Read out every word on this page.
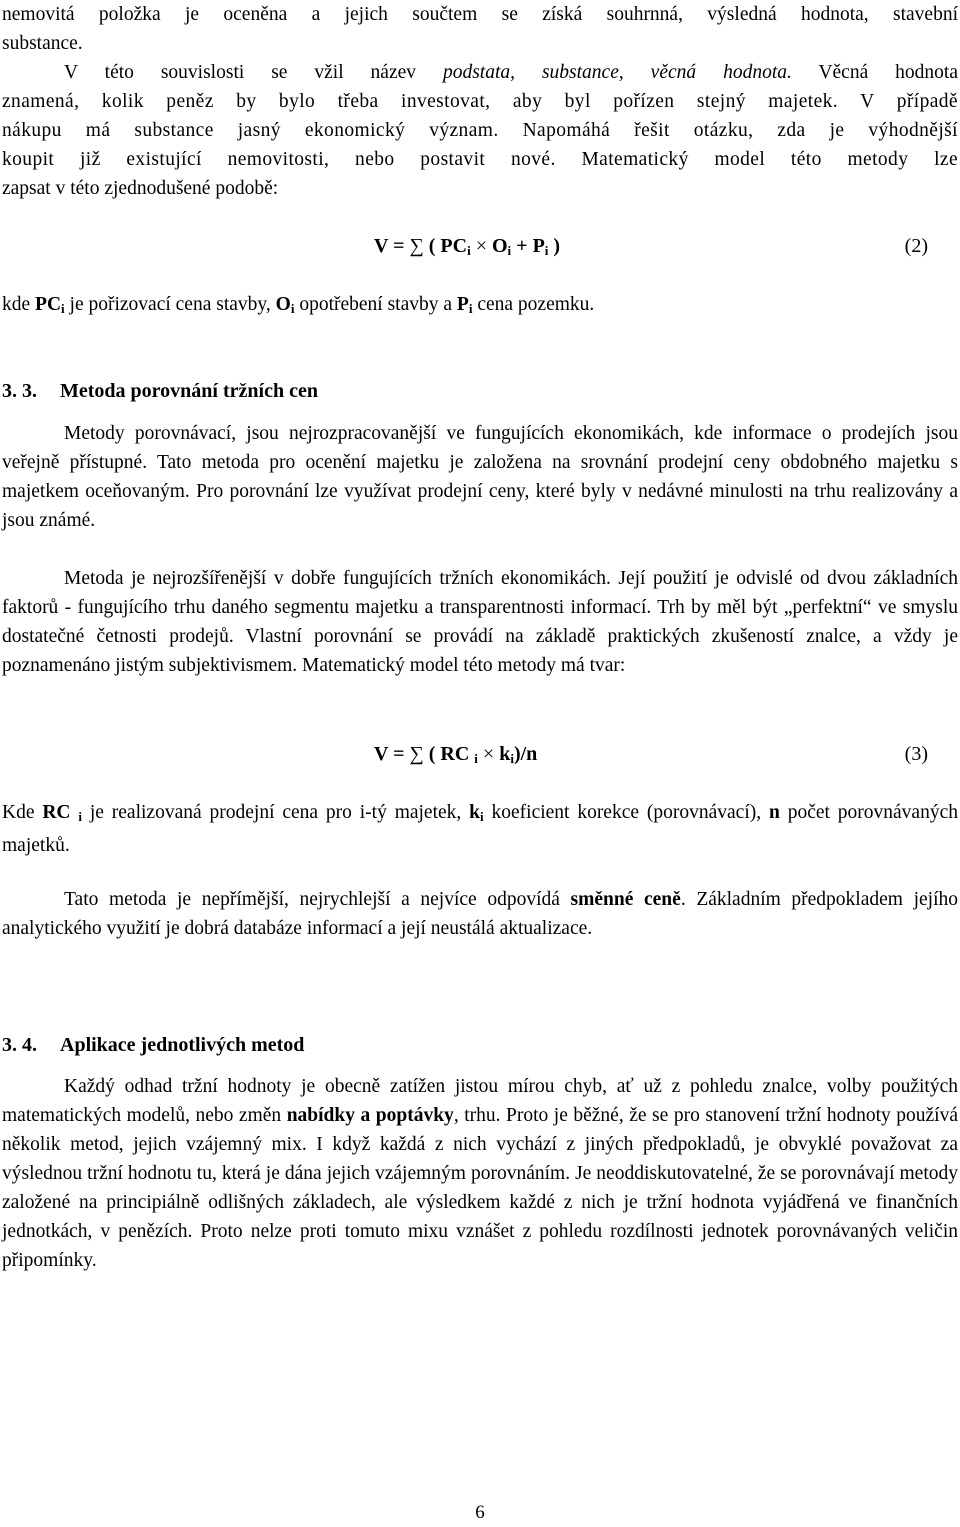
nemovitá položka je oceněna a jejich součtem se získá souhrnná, výsledná hodnota, stavební

substance.

V této souvislosti se vžil název podstata, substance, věcná hodnota. Věcná hodnota

znamená, kolik peněz by bylo třeba investovat, aby byl pořízen stejný majetek. V případě

nákupu má substance jasný ekonomický význam. Napomáhá řešit otázku, zda je výhodnější

koupit již existující nemovitosti, nebo postavit nové. Matematický model této metody lze

zapsat v této zjednodušené podobě:

V = ∑ ( $PC_i \times O_i + P_i$ )	(2)

kde $PC_i$ je pořizovací cena stavby, $O_i$ opotřebení stavby a $P_i$ cena pozemku.

3. 3. Metoda porovnání tržních cen

Metody porovnávací, jsou nejrozpracovanější ve fungujících ekonomikách, kde informace o prodejích jsou veřejně přístupné. Tato metoda pro ocenění majetku je založena na srovnání prodejní ceny obdobného majetku s majetkem oceňovaným. Pro porovnání lze využívat prodejní ceny, které byly v nedávné minulosti na trhu realizovány a jsou známé.

Metoda je nejrozšířenější v dobře fungujících tržních ekonomikách. Její použití je odvislé od dvou základních faktorů - fungujícího trhu daného segmentu majetku a transparentnosti informací. Trh by měl být „perfektní“ ve smyslu dostatečné četnosti prodejů. Vlastní porovnání se provádí na základě praktických zkušeností znalce, a vždy je poznamenáno jistým subjektivismem. Matematický model této metody má tvar:

V = ∑ ( RC $_i \times k_i)/n$	(3)

Kde RC $_i$ je realizovaná prodejní cena pro i-tý majetek, $k_i$ koeficient korekce (porovnávací), n počet porovnávaných majetků.

Tato metoda je nepřímější, nejrychlejší a nejvíce odpovídá směnné ceně. Základním předpokladem jejího analytického využití je dobrá databáze informací a její neustálá aktualizace.

3. 4. Aplikace jednotlivých metod

Každý odhad tržní hodnoty je obecně zatížen jistou mírou chyb, ať už z pohledu znalce, volby použitých matematických modelů, nebo změn nabídky a poptávky, trhu. Proto je běžné, že se pro stanovení tržní hodnoty používá několik metod, jejich vzájemný mix. I když každá z nich vychází z jiných předpokladů, je obvyklé považovat za výslednou tržní hodnotu tu, která je dána jejich vzájemným porovnáním. Je neoddiskutovatelné, že se porovnávají metody založené na principiálně odlišných základech, ale výsledkem každé z nich je tržní hodnota vyjádřená ve finančních jednotkách, v penězích. Proto nelze proti tomuto mixu vznášet z pohledu rozdílnosti jednotek porovnávaných veličin připomínky.

6
